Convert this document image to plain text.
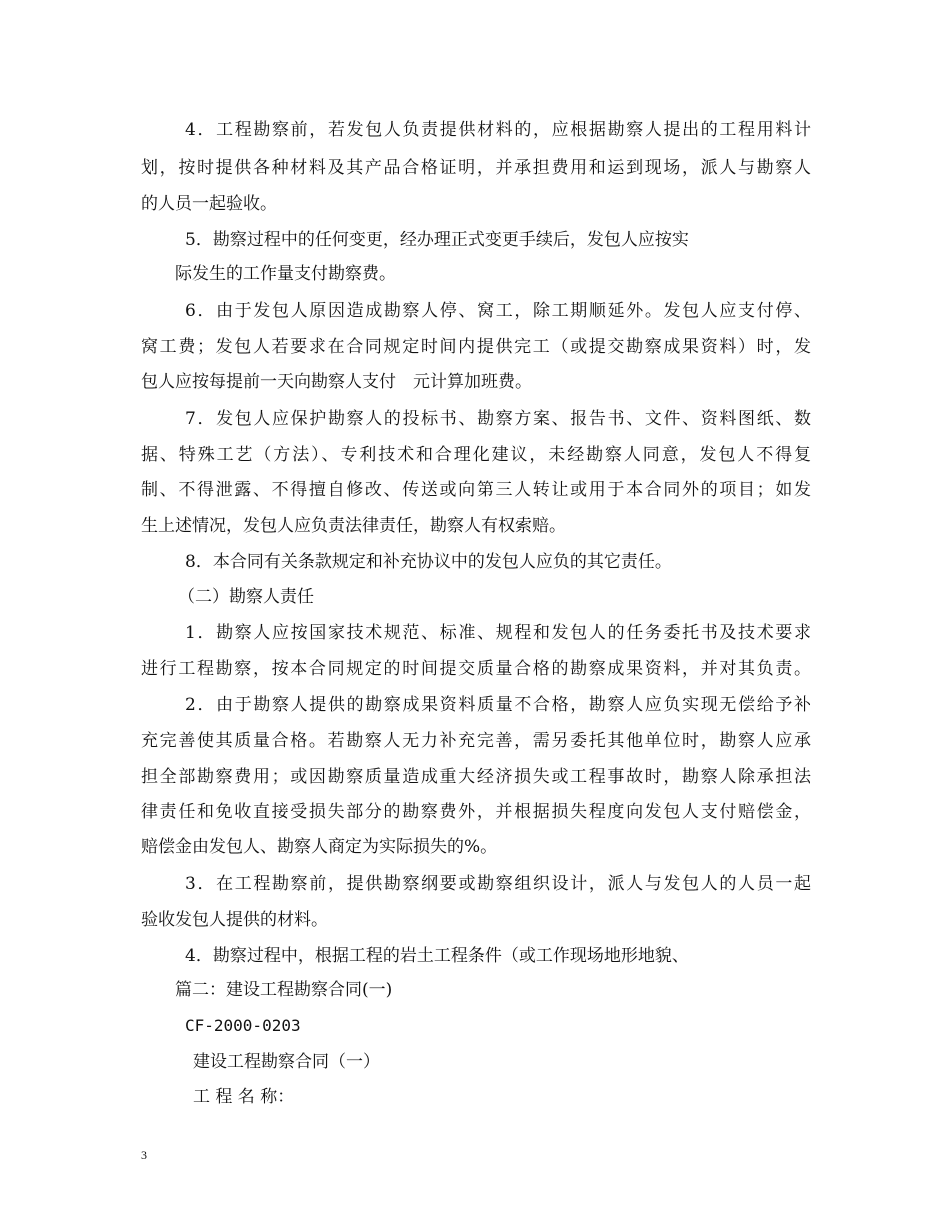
4．工程勘察前，若发包人负责提供材料的，应根据勘察人提出的工程用料计
划，按时提供各种材料及其产品合格证明，并承担费用和运到现场，派人与勘察人
的人员一起验收。
5．勘察过程中的任何变更，经办理正式变更手续后，发包人应按实
际发生的工作量支付勘察费。
6．由于发包人原因造成勘察人停、窝工，除工期顺延外。发包人应支付停、
窝工费；发包人若要求在合同规定时间内提供完工（或提交勘察成果资料）时，发
包人应按每提前一天向勘察人支付　元计算加班费。
7．发包人应保护勘察人的投标书、勘察方案、报告书、文件、资料图纸、数
据、特殊工艺（方法）、专利技术和合理化建议，未经勘察人同意，发包人不得复
制、不得泄露、不得擅自修改、传送或向第三人转让或用于本合同外的项目；如发
生上述情况，发包人应负责法律责任，勘察人有权索赔。
8．本合同有关条款规定和补充协议中的发包人应负的其它责任。
（二）勘察人责任
1．勘察人应按国家技术规范、标准、规程和发包人的任务委托书及技术要求
进行工程勘察，按本合同规定的时间提交质量合格的勘察成果资料，并对其负责。
2．由于勘察人提供的勘察成果资料质量不合格，勘察人应负实现无偿给予补
充完善使其质量合格。若勘察人无力补充完善，需另委托其他单位时，勘察人应承
担全部勘察费用；或因勘察质量造成重大经济损失或工程事故时，勘察人除承担法
律责任和免收直接受损失部分的勘察费外，并根据损失程度向发包人支付赔偿金，
赔偿金由发包人、勘察人商定为实际损失的%。
3．在工程勘察前，提供勘察纲要或勘察组织设计，派人与发包人的人员一起
验收发包人提供的材料。
4．勘察过程中，根据工程的岩土工程条件（或工作现场地形地貌、
篇二：建设工程勘察合同(一)
CF-2000-0203
建设工程勘察合同（一）
工 程 名 称：
3
